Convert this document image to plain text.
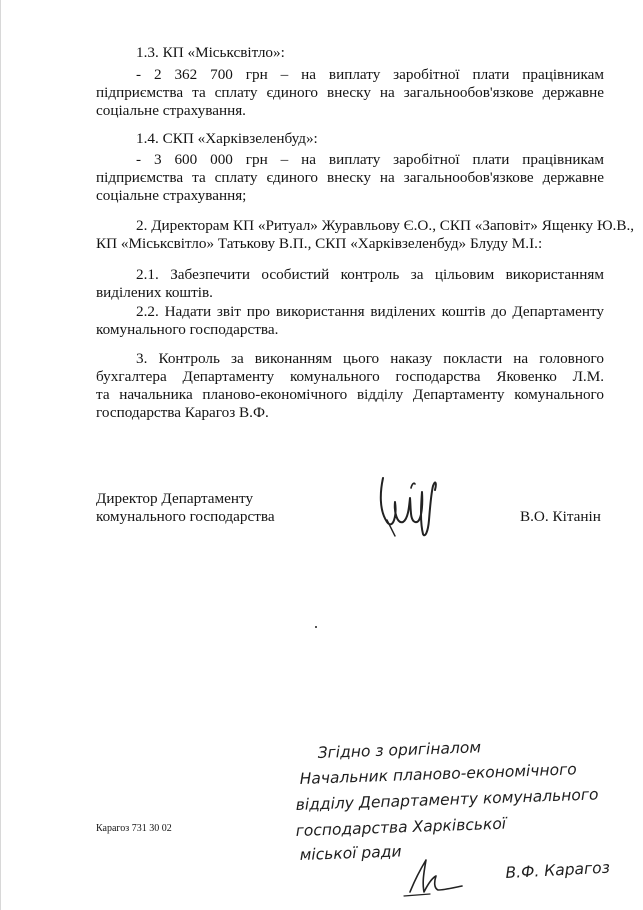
1.3. КП «Міськсвітло»:
- 2 362 700 грн – на виплату заробітної плати працівникам
підприємства та сплату єдиного внеску на загальнообов'язкове державне
соціальне страхування.
1.4. СКП «Харківзеленбуд»:
- 3 600 000 грн – на виплату заробітної плати працівникам
підприємства та сплату єдиного внеску на загальнообов'язкове державне
соціальне страхування;
2. Директорам КП «Ритуал» Журавльову Є.О., СКП «Заповіт» Ященку Ю.В.,
КП «Міськсвітло» Татькову В.П., СКП «Харківзеленбуд» Блуду М.І.:
2.1. Забезпечити особистий контроль за цільовим використанням
виділених коштів.
2.2. Надати звіт про використання виділених коштів до Департаменту
комунального господарства.
3. Контроль за виконанням цього наказу покласти на головного
бухгалтера Департаменту комунального господарства Яковенко Л.М.
та начальника планово-економічного відділу Департаменту комунального
господарства Карагоз В.Ф.
Директор Департаменту
комунального господарства	В.О. Кітанін
Карагоз 731 30 02
Згідно з оригіналом
Начальник планово-економічного
відділу Департаменту комунального
господарства Харківської
міської ради
В.Ф. Карагоз
